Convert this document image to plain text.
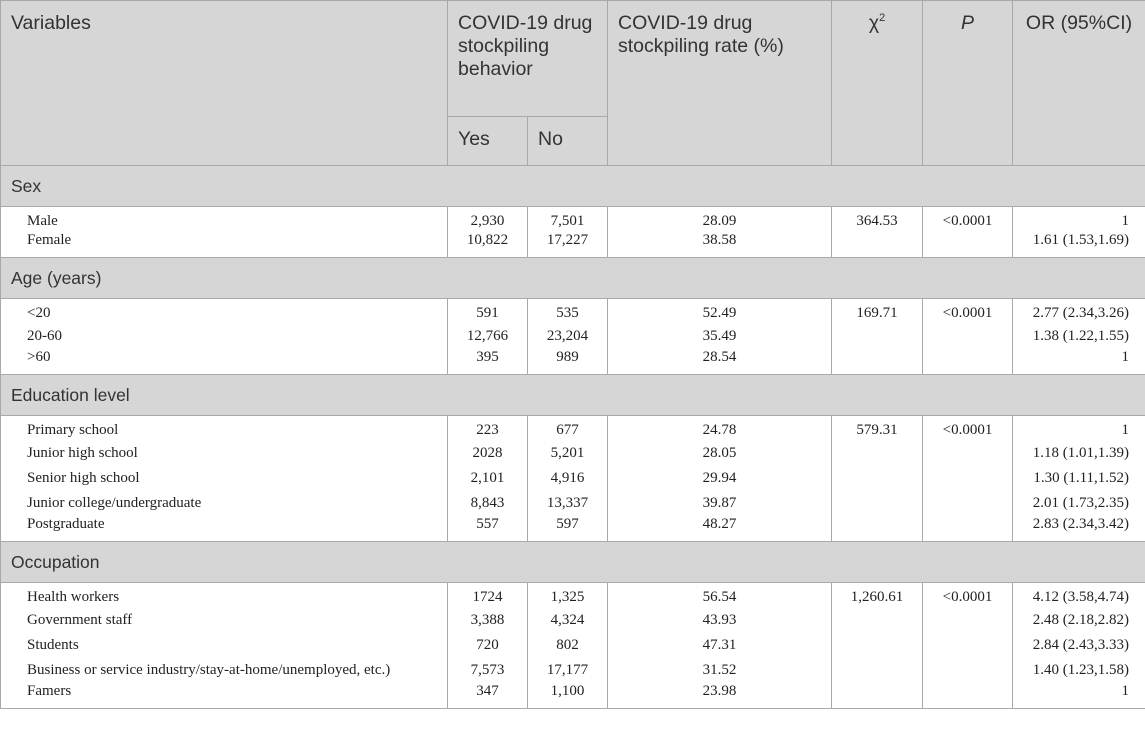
Variables	COVID-19 drug stockpiling behavior		COVID-19 drug stockpiling rate (%)	$\chi^2$	P	OR (95%CI)

	Yes	No				
Sex						
Male	2,930	7,501	28.09	364.53	<0.0001	1
Female	10,822	17,227	38.58			1.61 (1.53,1.69)
Age (years)						
<20	591	535	52.49	169.71	<0.0001	2.77 (2.34,3.26)
20-60	12,766	23,204	35.49			1.38 (1.22,1.55)
>60	395	989	28.54			1
Education level						
Primary school	223	677	24.78	579.31	<0.0001	1
Junior high school	2028	5,201	28.05			1.18 (1.01,1.39)
Senior high school	2,101	4,916	29.94			1.30 (1.11,1.52)
Junior college/undergraduate	8,843	13,337	39.87			2.01 (1.73,2.35)
Postgraduate	557	597	48.27			2.83 (2.34,3.42)
Occupation						
Health workers	1724	1,325	56.54	1,260.61	<0.0001	4.12 (3.58,4.74)
Government staff	3,388	4,324	43.93			2.48 (2.18,2.82)
Students	720	802	47.31			2.84 (2.43,3.33)
Business or service industry/stay-at-home/unemployed, etc.)	7,573	17,177	31.52			1.40 (1.23,1.58)
Famers	347	1,100	23.98			1
